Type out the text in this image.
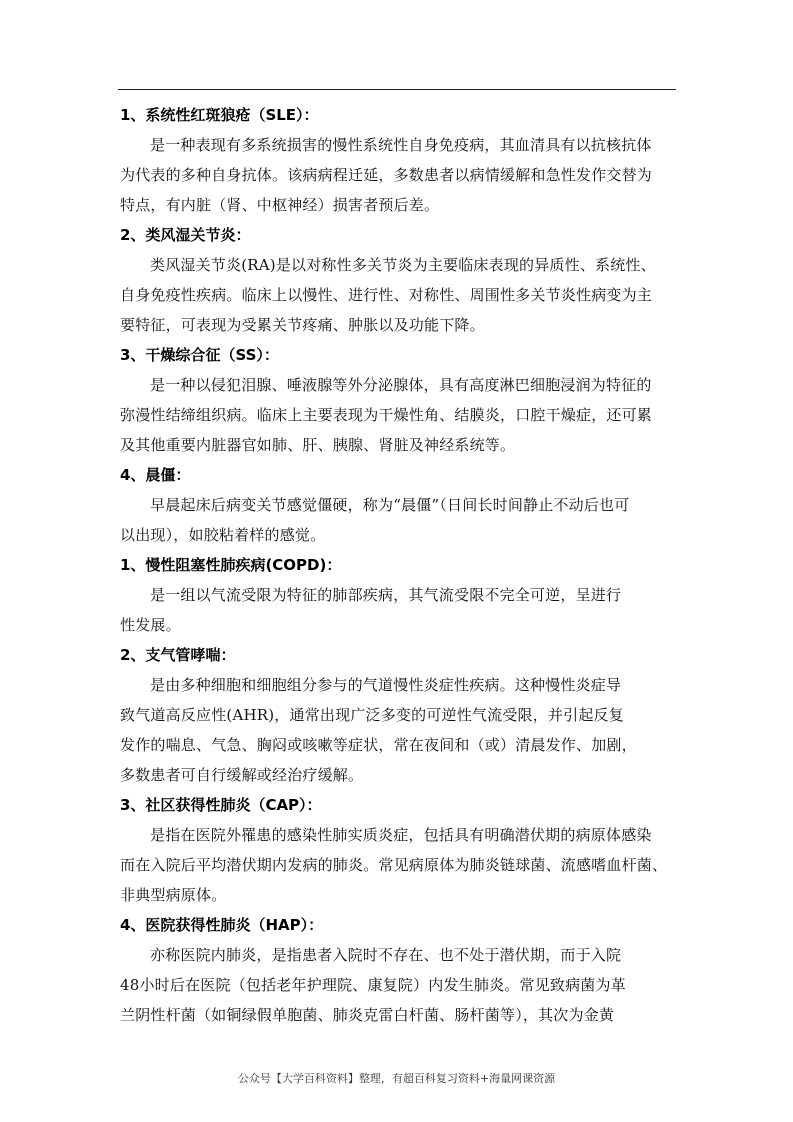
1、系统性红斑狼疮（SLE）：
是一种表现有多系统损害的慢性系统性自身免疫病，其血清具有以抗核抗体
为代表的多种自身抗体。该病病程迁延，多数患者以病情缓解和急性发作交替为
特点，有内脏（肾、中枢神经）损害者预后差。
2、类风湿关节炎：
类风湿关节炎(RA)是以对称性多关节炎为主要临床表现的异质性、系统性、
自身免疫性疾病。临床上以慢性、进行性、对称性、周围性多关节炎性病变为主
要特征，可表现为受累关节疼痛、肿胀以及功能下降。
3、干燥综合征（SS）：
是一种以侵犯泪腺、唾液腺等外分泌腺体，具有高度淋巴细胞浸润为特征的
弥漫性结缔组织病。临床上主要表现为干燥性角、结膜炎，口腔干燥症，还可累
及其他重要内脏器官如肺、肝、胰腺、肾脏及神经系统等。
4、晨僵：
早晨起床后病变关节感觉僵硬，称为“晨僵”（日间长时间静止不动后也可
以出现），如胶粘着样的感觉。
1、慢性阻塞性肺疾病(COPD)：
是一组以气流受限为特征的肺部疾病，其气流受限不完全可逆，呈进行
性发展。
2、支气管哮喘：
是由多种细胞和细胞组分参与的气道慢性炎症性疾病。这种慢性炎症导
致气道高反应性(AHR)，通常出现广泛多变的可逆性气流受限，并引起反复
发作的喘息、气急、胸闷或咳嗽等症状，常在夜间和（或）清晨发作、加剧，
多数患者可自行缓解或经治疗缓解。
3、社区获得性肺炎（CAP）：
是指在医院外罹患的感染性肺实质炎症，包括具有明确潜伏期的病原体感染
而在入院后平均潜伏期内发病的肺炎。常见病原体为肺炎链球菌、流感嗜血杆菌、
非典型病原体。
4、医院获得性肺炎（HAP）：
亦称医院内肺炎，是指患者入院时不存在、也不处于潜伏期，而于入院
48小时后在医院（包括老年护理院、康复院）内发生肺炎。常见致病菌为革
兰阴性杆菌（如铜绿假单胞菌、肺炎克雷白杆菌、肠杆菌等），其次为金黄
公众号【大学百科资料】整理，有超百科复习资料+海量网课资源
